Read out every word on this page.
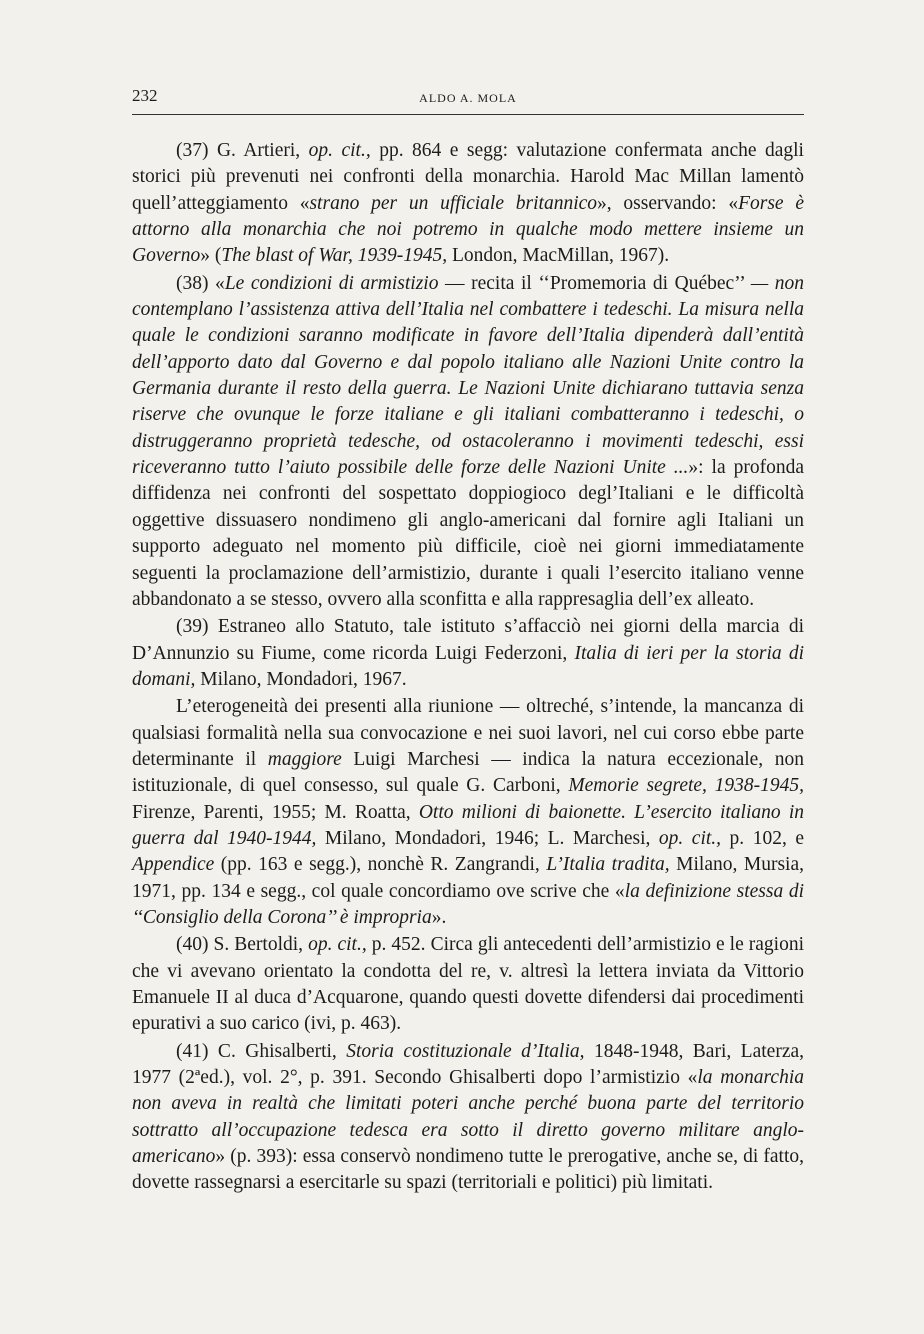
232	ALDO A. MOLA

(37) G. Artieri, op. cit., pp. 864 e segg: valutazione confermata anche dagli storici più prevenuti nei confronti della monarchia. Harold Mac Millan lamentò quell’atteggiamento «strano per un ufficiale britannico», osservando: «Forse è attorno alla monarchia che noi potremo in qualche modo mettere insieme un Governo» (The blast of War, 1939-1945, London, MacMillan, 1967).

(38) «Le condizioni di armistizio — recita il ‘‘Promemoria di Québec’’ — non contemplano l’assistenza attiva dell’Italia nel combattere i tedeschi. La misura nella quale le condizioni saranno modificate in favore dell’Italia dipenderà dall’entità dell’apporto dato dal Governo e dal popolo italiano alle Nazioni Unite contro la Germania durante il resto della guerra. Le Nazioni Unite dichiarano tuttavia senza riserve che ovunque le forze italiane e gli italiani combatteranno i tedeschi, o distruggeranno proprietà tedesche, od ostacoleranno i movimenti tedeschi, essi riceveranno tutto l’aiuto possibile delle forze delle Nazioni Unite ...»: la profonda diffidenza nei confronti del sospettato doppiogioco degl’Italiani e le difficoltà oggettive dissuasero nondimeno gli anglo-americani dal fornire agli Italiani un supporto adeguato nel momento più difficile, cioè nei giorni immediatamente seguenti la proclamazione dell’armistizio, durante i quali l’esercito italiano venne abbandonato a se stesso, ovvero alla sconfitta e alla rappresaglia dell’ex alleato.

(39) Estraneo allo Statuto, tale istituto s’affacciò nei giorni della marcia di D’Annunzio su Fiume, come ricorda Luigi Federzoni, Italia di ieri per la storia di domani, Milano, Mondadori, 1967.

L’eterogeneità dei presenti alla riunione — oltreché, s’intende, la mancanza di qualsiasi formalità nella sua convocazione e nei suoi lavori, nel cui corso ebbe parte determinante il maggiore Luigi Marchesi — indica la natura eccezionale, non istituzionale, di quel consesso, sul quale G. Carboni, Memorie segrete, 1938-1945, Firenze, Parenti, 1955; M. Roatta, Otto milioni di baionette. L’esercito italiano in guerra dal 1940-1944, Milano, Mondadori, 1946; L. Marchesi, op. cit., p. 102, e Appendice (pp. 163 e segg.), nonchè R. Zangrandi, L’Italia tradita, Milano, Mursia, 1971, pp. 134 e segg., col quale concordiamo ove scrive che «la definizione stessa di ‘‘Consiglio della Corona’’ è impropria».

(40) S. Bertoldi, op. cit., p. 452. Circa gli antecedenti dell’armistizio e le ragioni che vi avevano orientato la condotta del re, v. altresì la lettera inviata da Vittorio Emanuele II al duca d’Acquarone, quando questi dovette difendersi dai procedimenti epurativi a suo carico (ivi, p. 463).

(41) C. Ghisalberti, Storia costituzionale d’Italia, 1848-1948, Bari, Laterza, 1977 (2ªed.), vol. 2°, p. 391. Secondo Ghisalberti dopo l’armistizio «la monarchia non aveva in realtà che limitati poteri anche perché buona parte del territorio sottratto all’occupazione tedesca era sotto il diretto governo militare anglo-americano» (p. 393): essa conservò nondimeno tutte le prerogative, anche se, di fatto, dovette rassegnarsi a esercitarle su spazi (territoriali e politici) più limitati.
